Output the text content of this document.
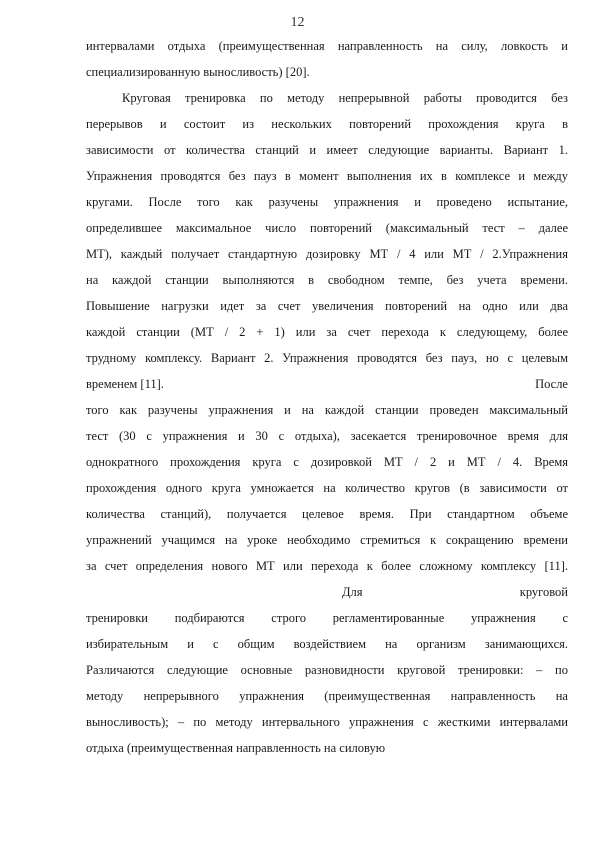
12
интервалами отдыха (преимущественная направленность на силу, ловкость и
специализированную выносливость) [20].
Круговая тренировка по методу непрерывной работы проводится без
перерывов и состоит из нескольких повторений прохождения круга в
зависимости от количества станций и имеет следующие варианты. Вариант 1.
Упражнения проводятся без пауз в момент выполнения их в комплексе и между
кругами. После того как разучены упражнения и проведено испытание,
определившее максимальное число повторений (максимальный тест – далее
МТ), каждый получает стандартную дозировку МТ / 4 или МТ / 2.Упражнения
на каждой станции выполняются в свободном темпе, без учета времени.
Повышение нагрузки идет за счет увеличения повторений на одно или два
каждой станции (МТ / 2 + 1) или за счет перехода к следующему, более
трудному комплексу. Вариант 2. Упражнения проводятся без пауз, но с целевым
временем [11].	После
того как разучены упражнения и на каждой станции проведен максимальный
тест (30 с упражнения и 30 с отдыха), засекается тренировочное время для
однократного прохождения круга с дозировкой МТ / 2 и МТ / 4. Время
прохождения одного круга умножается на количество кругов (в зависимости от
количества станций), получается целевое время. При стандартном объеме
упражнений учащимся на уроке необходимо стремиться к сокращению времени
за счет определения нового МТ или перехода к более сложному комплексу [11].
Для	круговой
тренировки подбираются строго регламентированные упражнения с
избирательным и с общим воздействием на организм занимающихся.
Различаются следующие основные разновидности круговой тренировки: – по
методу непрерывного упражнения (преимущественная направленность на
выносливость); – по методу интервального упражнения с жесткими интервалами
отдыха (преимущественная направленность на силовую
